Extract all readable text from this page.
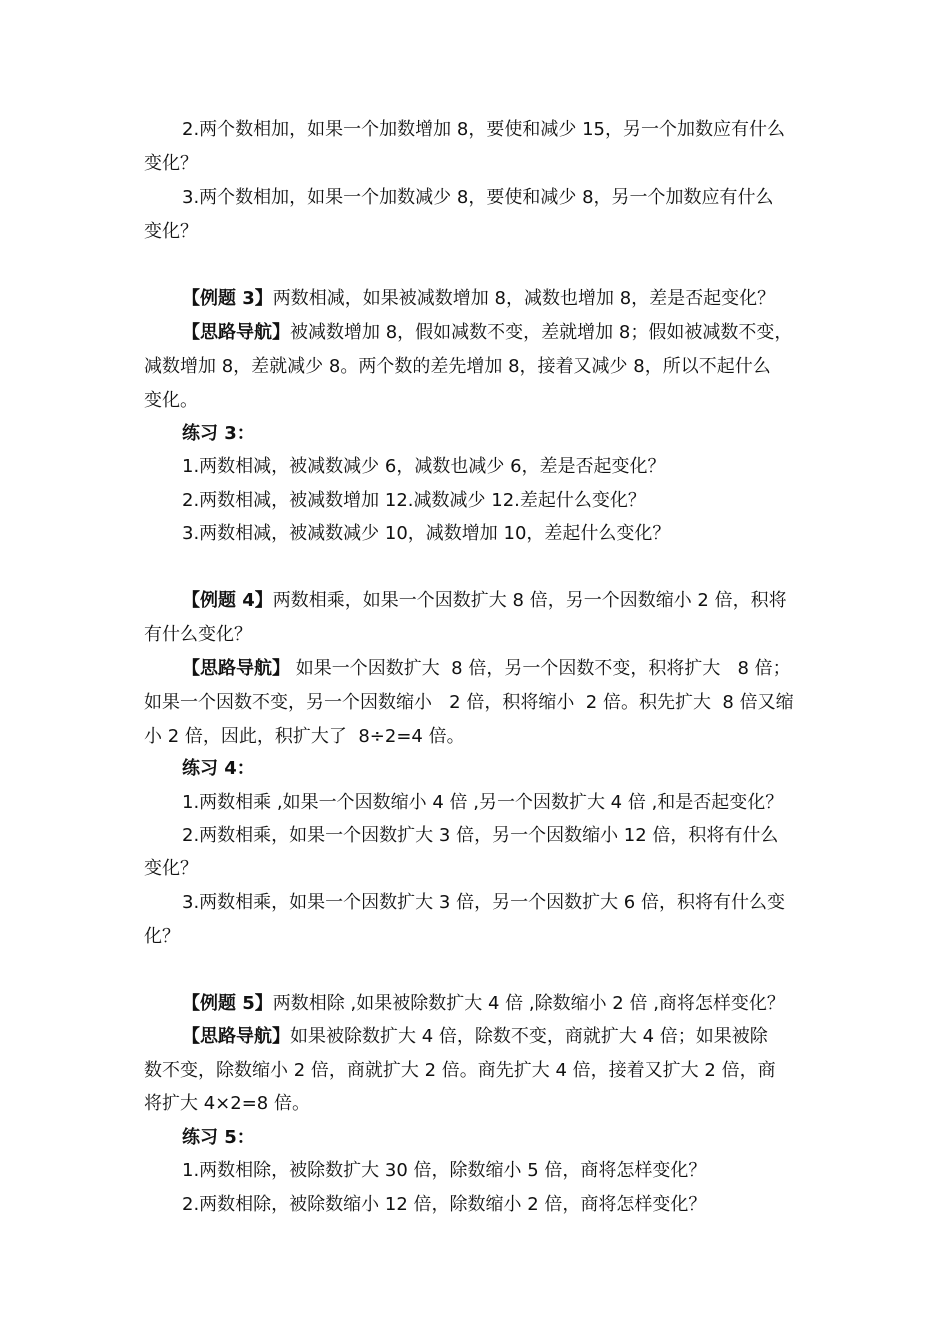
2.两个数相加，如果一个加数增加 8，要使和减少 15，另一个加数应有什么
变化？
3.两个数相加，如果一个加数减少 8，要使和减少 8，另一个加数应有什么
变化？
【例题 3】两数相减，如果被减数增加 8，减数也增加 8，差是否起变化？
【思路导航】被减数增加 8，假如减数不变，差就增加 8；假如被减数不变，
减数增加 8，差就减少 8。两个数的差先增加 8，接着又减少 8，所以不起什么
变化。
练习 3：
1.两数相减，被减数减少 6，减数也减少 6，差是否起变化？
2.两数相减，被减数增加 12.减数减少 12.差起什么变化？
3.两数相减，被减数减少 10，减数增加 10，差起什么变化？
【例题 4】两数相乘，如果一个因数扩大 8 倍，另一个因数缩小 2 倍，积将
有什么变化？
【思路导航】 如果一个因数扩大  8 倍，另一个因数不变，积将扩大   8 倍；
如果一个因数不变，另一个因数缩小   2 倍，积将缩小  2 倍。积先扩大  8 倍又缩
小 2 倍，因此，积扩大了  8÷2=4 倍。
练习 4：
1.两数相乘 ,如果一个因数缩小 4 倍 ,另一个因数扩大 4 倍 ,和是否起变化？
2.两数相乘，如果一个因数扩大 3 倍，另一个因数缩小 12 倍，积将有什么
变化？
3.两数相乘，如果一个因数扩大 3 倍，另一个因数扩大 6 倍，积将有什么变
化？
【例题 5】两数相除 ,如果被除数扩大 4 倍 ,除数缩小 2 倍 ,商将怎样变化？
【思路导航】如果被除数扩大 4 倍，除数不变，商就扩大 4 倍；如果被除
数不变，除数缩小 2 倍，商就扩大 2 倍。商先扩大 4 倍，接着又扩大 2 倍，商
将扩大 4×2=8 倍。
练习 5：
1.两数相除，被除数扩大 30 倍，除数缩小 5 倍，商将怎样变化？
2.两数相除，被除数缩小 12 倍，除数缩小 2 倍，商将怎样变化？
